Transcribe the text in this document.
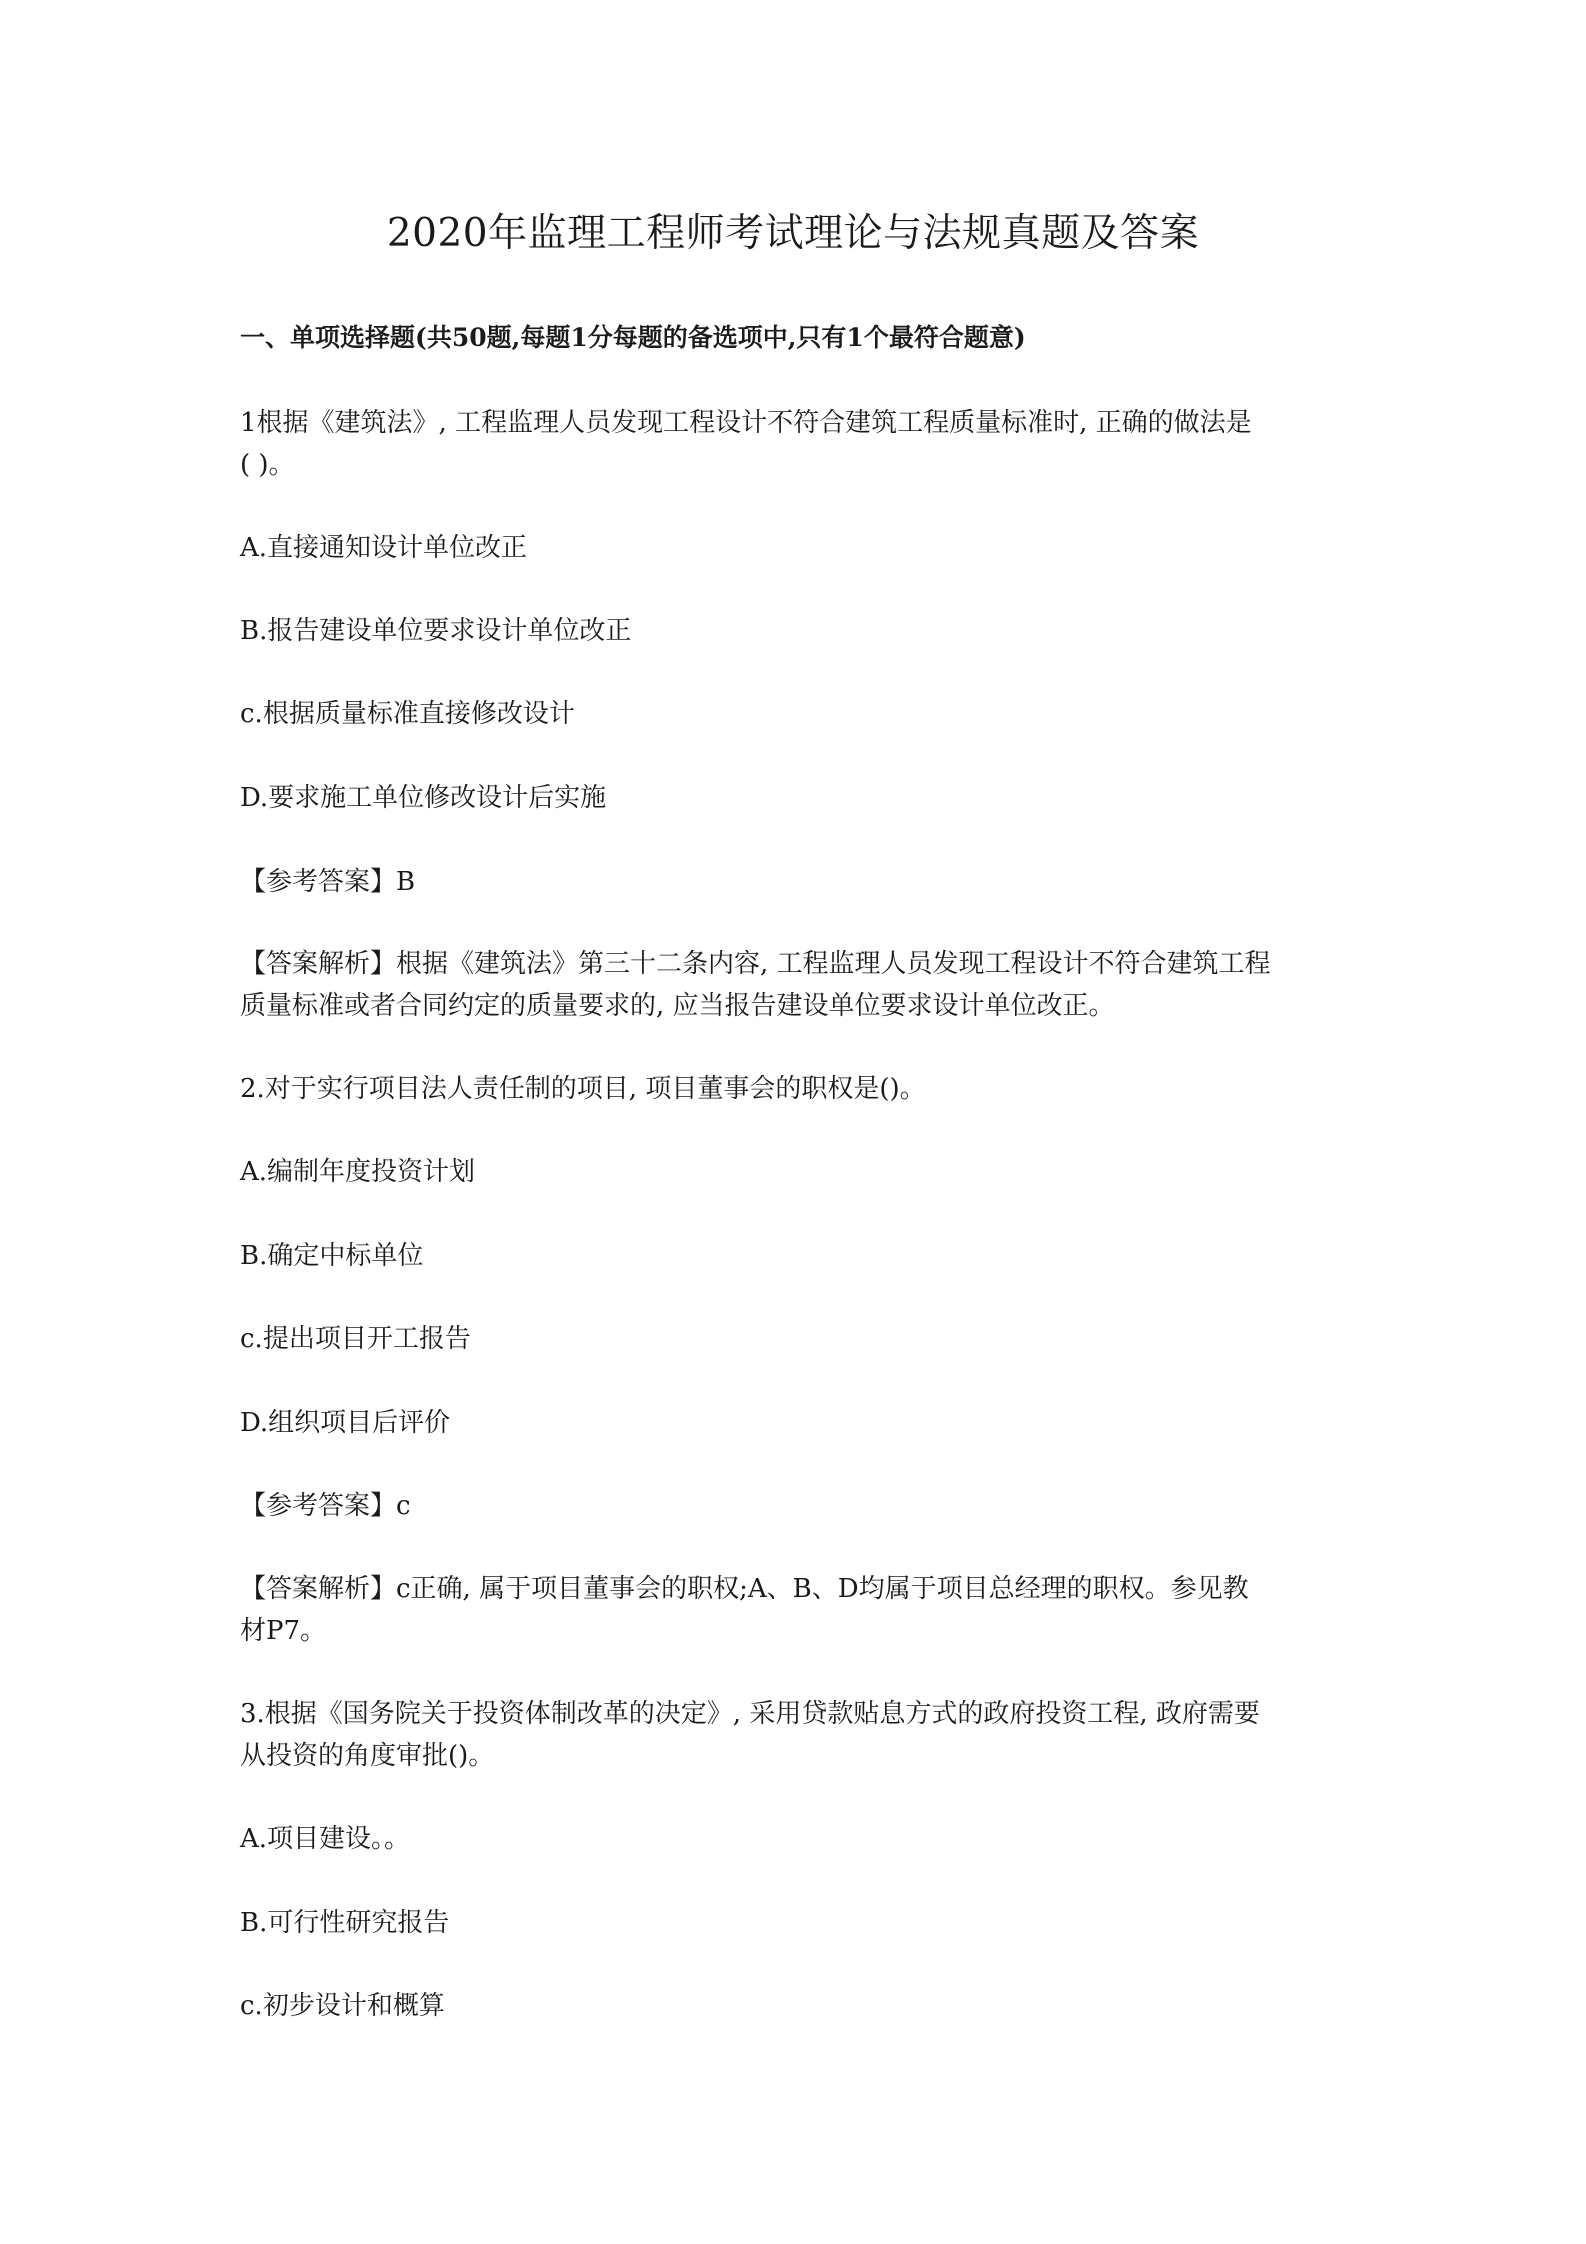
2020年监理工程师考试理论与法规真题及答案
一、单项选择题(共50题,每题1分每题的备选项中,只有1个最符合题意)
1根据《建筑法》, 工程监理人员发现工程设计不符合建筑工程质量标准时, 正确的做法是
( )。
A.直接通知设计单位改正
B.报告建设单位要求设计单位改正
c.根据质量标准直接修改设计
D.要求施工单位修改设计后实施
【参考答案】B
【答案解析】根据《建筑法》第三十二条内容, 工程监理人员发现工程设计不符合建筑工程
质量标准或者合同约定的质量要求的, 应当报告建设单位要求设计单位改正。
2.对于实行项目法人责任制的项目, 项目董事会的职权是()。
A.编制年度投资计划
B.确定中标单位
c.提出项目开工报告
D.组织项目后评价
【参考答案】c
【答案解析】c正确, 属于项目董事会的职权;A、B、D均属于项目总经理的职权。参见教
材P7。
3.根据《国务院关于投资体制改革的决定》, 采用贷款贴息方式的政府投资工程, 政府需要
从投资的角度审批()。
A.项目建设。。
B.可行性研究报告
c.初步设计和概算
